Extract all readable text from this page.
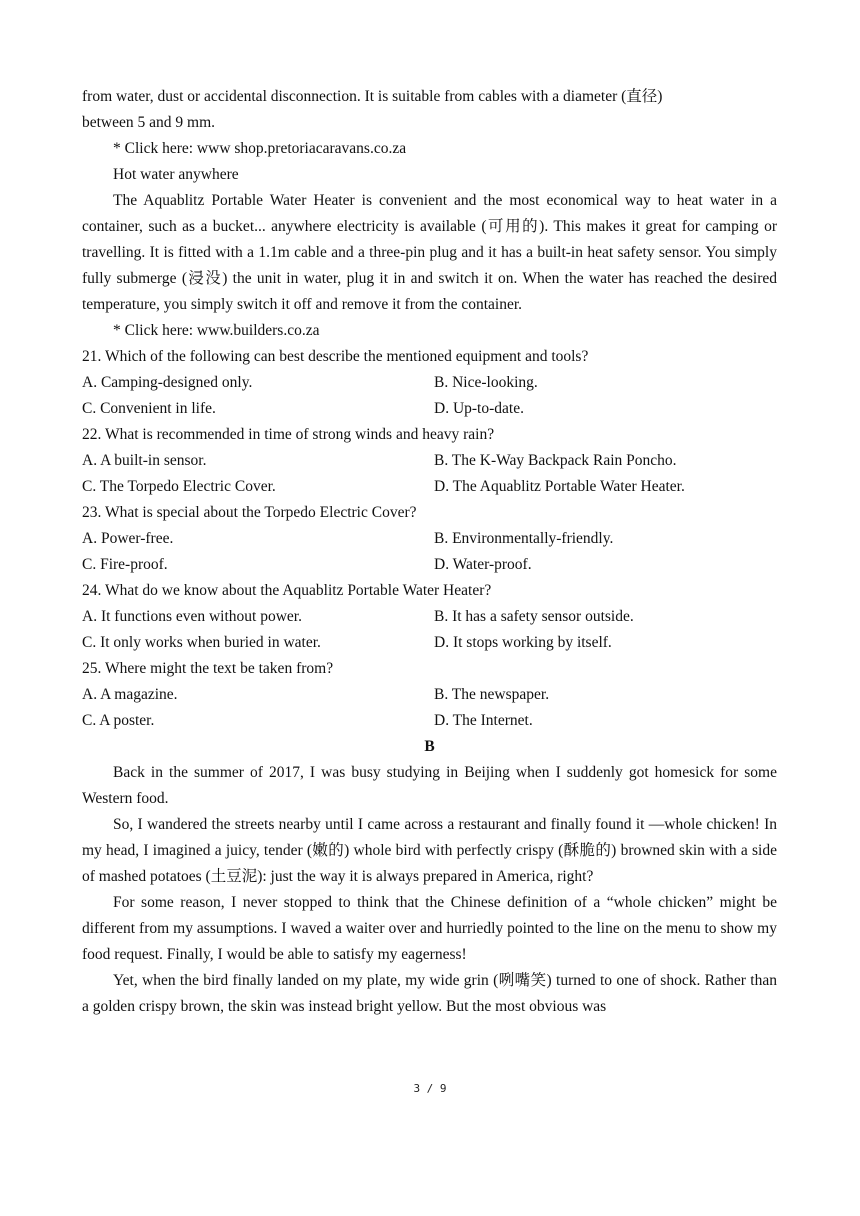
from water, dust or accidental disconnection. It is suitable from cables with a diameter (直径)
between 5 and 9 mm.
* Click here: www shop.pretoriacaravans.co.za
Hot water anywhere
The Aquablitz Portable Water Heater is convenient and the most economical way to heat water in a container, such as a bucket... anywhere electricity is available (可用的). This makes it great for camping or travelling. It is fitted with a 1.1m cable and a three-pin plug and it has a built-in heat safety sensor. You simply fully submerge (浸没) the unit in water, plug it in and switch it on. When the water has reached the desired temperature, you simply switch it off and remove it from the container.
* Click here: www.builders.co.za
21. Which of the following can best describe the mentioned equipment and tools?
A. Camping-designed only.	B. Nice-looking.
C. Convenient in life.	D. Up-to-date.
22. What is recommended in time of strong winds and heavy rain?
A. A built-in sensor.	B. The K-Way Backpack Rain Poncho.
C. The Torpedo Electric Cover.	D. The Aquablitz Portable Water Heater.
23. What is special about the Torpedo Electric Cover?
A. Power-free.	B. Environmentally-friendly.
C. Fire-proof.	D. Water-proof.
24. What do we know about the Aquablitz Portable Water Heater?
A. It functions even without power.	B. It has a safety sensor outside.
C. It only works when buried in water.	D. It stops working by itself.
25. Where might the text be taken from?
A. A magazine.	B. The newspaper.
C. A poster.	D. The Internet.
B
Back in the summer of 2017, I was busy studying in Beijing when I suddenly got homesick for some Western food.
So, I wandered the streets nearby until I came across a restaurant and finally found it —whole chicken! In my head, I imagined a juicy, tender (嫩的) whole bird with perfectly crispy (酥脆的) browned skin with a side of mashed potatoes (土豆泥): just the way it is always prepared in America, right?
For some reason, I never stopped to think that the Chinese definition of a “whole chicken” might be different from my assumptions. I waved a waiter over and hurriedly pointed to the line on the menu to show my food request. Finally, I would be able to satisfy my eagerness!
Yet, when the bird finally landed on my plate, my wide grin (咧嘴笑) turned to one of shock. Rather than a golden crispy brown, the skin was instead bright yellow. But the most obvious was
3 / 9
